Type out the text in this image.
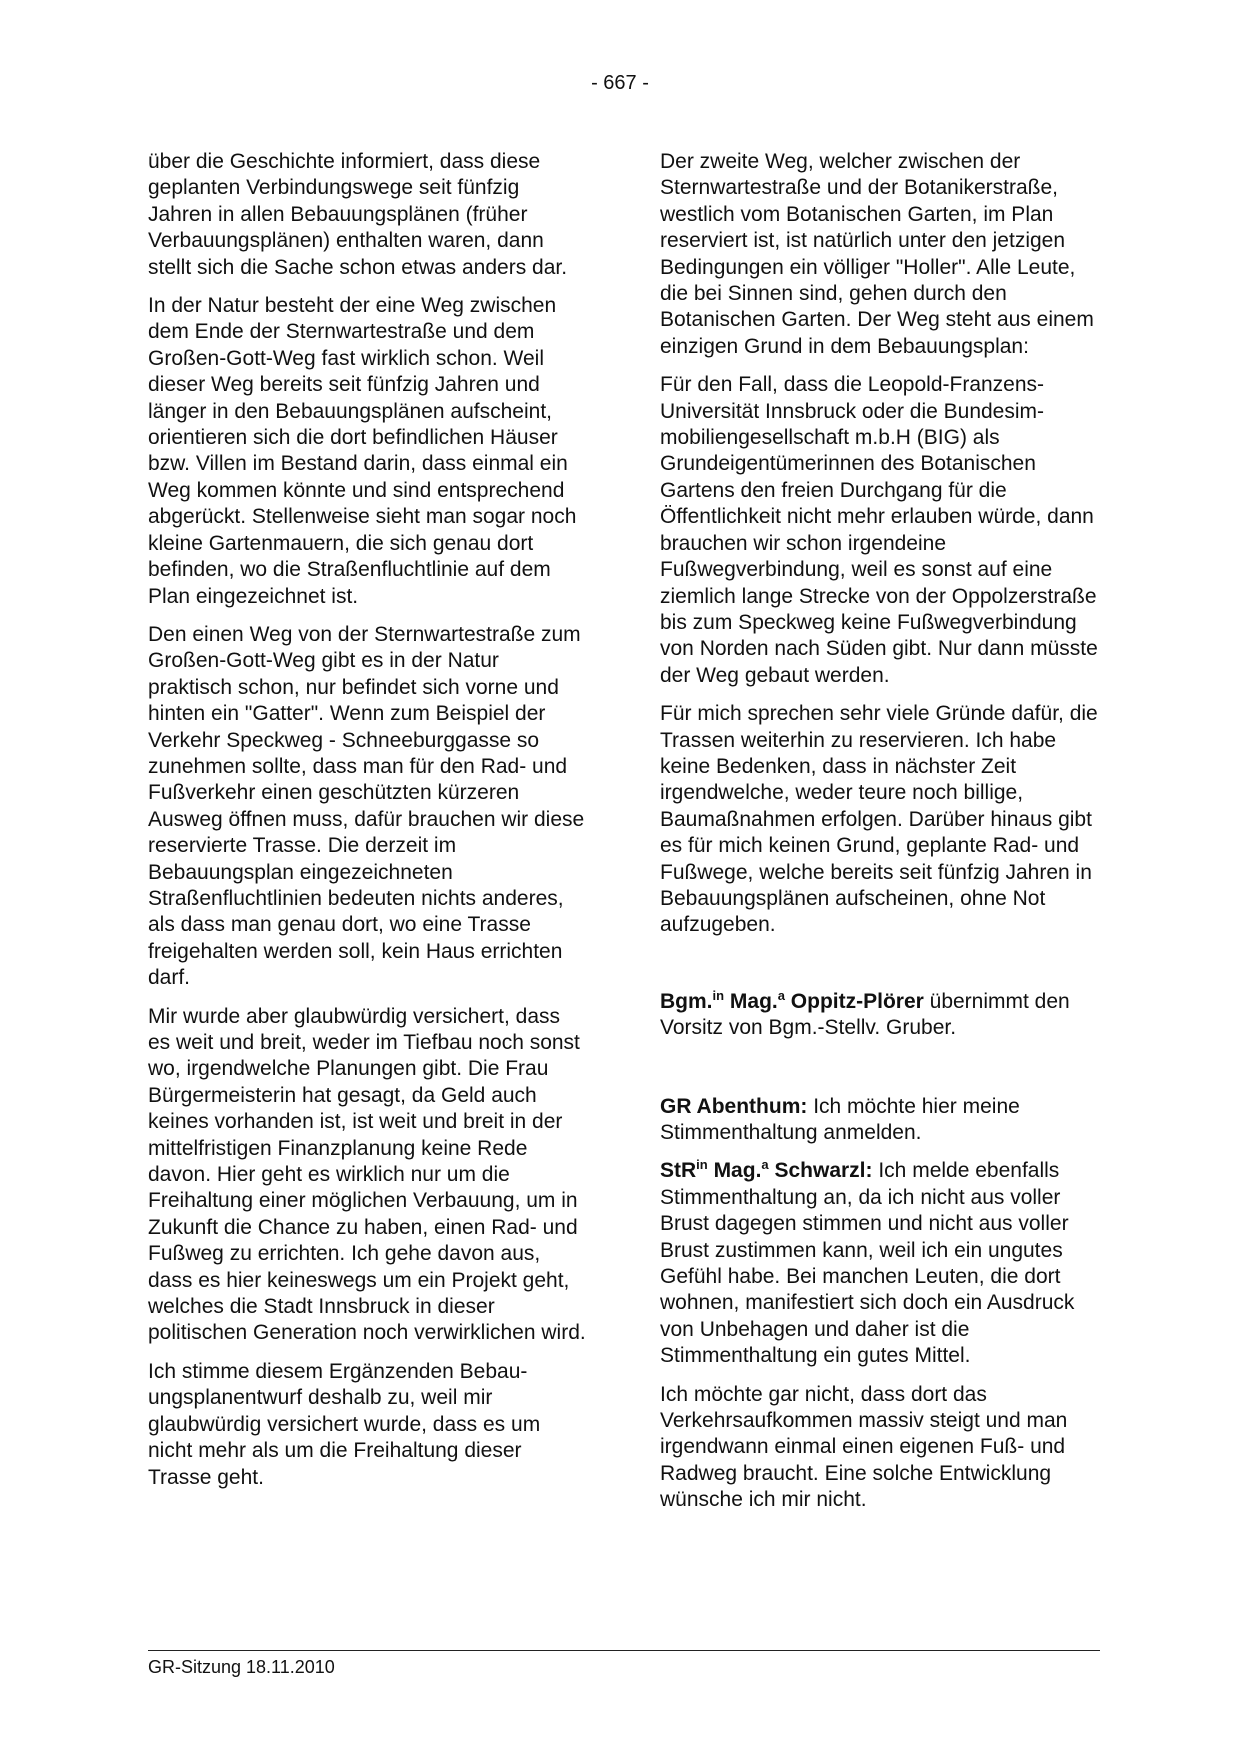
- 667 -

über die Geschichte informiert, dass diese geplanten Verbindungswege seit fünfzig Jahren in allen Bebauungsplänen (früher Verbauungsplänen) enthalten waren, dann stellt sich die Sache schon etwas anders dar.

In der Natur besteht der eine Weg zwischen dem Ende der Sternwartestraße und dem Großen-Gott-Weg fast wirklich schon. Weil dieser Weg bereits seit fünfzig Jahren und länger in den Bebauungsplänen aufscheint, orientieren sich die dort befindlichen Häuser bzw. Villen im Bestand darin, dass einmal ein Weg kommen könnte und sind entsprechend abgerückt. Stellenweise sieht man sogar noch kleine Gartenmauern, die sich genau dort befinden, wo die Straßenfluchtlinie auf dem Plan eingezeichnet ist.

Den einen Weg von der Sternwartestraße zum Großen-Gott-Weg gibt es in der Natur praktisch schon, nur befindet sich vorne und hinten ein "Gatter". Wenn zum Beispiel der Verkehr Speckweg - Schneeburggasse so zunehmen sollte, dass man für den Rad- und Fußverkehr einen geschützten kürzeren Ausweg öffnen muss, dafür brauchen wir diese reservierte Trasse. Die derzeit im Bebauungsplan eingezeichneten Straßenfluchtlinien bedeuten nichts anderes, als dass man genau dort, wo eine Trasse freigehalten werden soll, kein Haus errichten darf.

Mir wurde aber glaubwürdig versichert, dass es weit und breit, weder im Tiefbau noch sonst wo, irgendwelche Planungen gibt. Die Frau Bürgermeisterin hat gesagt, da Geld auch keines vorhanden ist, ist weit und breit in der mittelfristigen Finanzplanung keine Rede davon. Hier geht es wirklich nur um die Freihaltung einer möglichen Verbauung, um in Zukunft die Chance zu haben, einen Rad- und Fußweg zu errichten. Ich gehe davon aus, dass es hier keineswegs um ein Projekt geht, welches die Stadt Innsbruck in dieser politischen Generation noch verwirklichen wird.

Ich stimme diesem Ergänzenden Bebauungsplanentwurf deshalb zu, weil mir glaubwürdig versichert wurde, dass es um nicht mehr als um die Freihaltung dieser Trasse geht.

Der zweite Weg, welcher zwischen der Sternwartestraße und der Botanikerstraße, westlich vom Botanischen Garten, im Plan reserviert ist, ist natürlich unter den jetzigen Bedingungen ein völliger "Holler". Alle Leute, die bei Sinnen sind, gehen durch den Botanischen Garten. Der Weg steht aus einem einzigen Grund in dem Bebauungsplan:

Für den Fall, dass die Leopold-Franzens-Universität Innsbruck oder die Bundesimmobiliengesellschaft m.b.H (BIG) als Grundeigentümerinnen des Botanischen Gartens den freien Durchgang für die Öffentlichkeit nicht mehr erlauben würde, dann brauchen wir schon irgendeine Fußwegverbindung, weil es sonst auf eine ziemlich lange Strecke von der Oppolzerstraße bis zum Speckweg keine Fußwegverbindung von Norden nach Süden gibt. Nur dann müsste der Weg gebaut werden.

Für mich sprechen sehr viele Gründe dafür, die Trassen weiterhin zu reservieren. Ich habe keine Bedenken, dass in nächster Zeit irgendwelche, weder teure noch billige, Baumaßnahmen erfolgen. Darüber hinaus gibt es für mich keinen Grund, geplante Rad- und Fußwege, welche bereits seit fünfzig Jahren in Bebauungsplänen aufscheinen, ohne Not aufzugeben.

Bgm.$^{in}$ Mag.$^a$ Oppitz-Plörer übernimmt den Vorsitz von Bgm.-Stellv. Gruber.

GR Abenthum: Ich möchte hier meine Stimmenthaltung anmelden.

StR$^{in}$ Mag.$^a$ Schwarzl: Ich melde ebenfalls Stimmenthaltung an, da ich nicht aus voller Brust dagegen stimmen und nicht aus voller Brust zustimmen kann, weil ich ein ungutes Gefühl habe. Bei manchen Leuten, die dort wohnen, manifestiert sich doch ein Ausdruck von Unbehagen und daher ist die Stimmenthaltung ein gutes Mittel.

Ich möchte gar nicht, dass dort das Verkehrsaufkommen massiv steigt und man irgendwann einmal einen eigenen Fuß- und Radweg braucht. Eine solche Entwicklung wünsche ich mir nicht.

GR-Sitzung 18.11.2010
